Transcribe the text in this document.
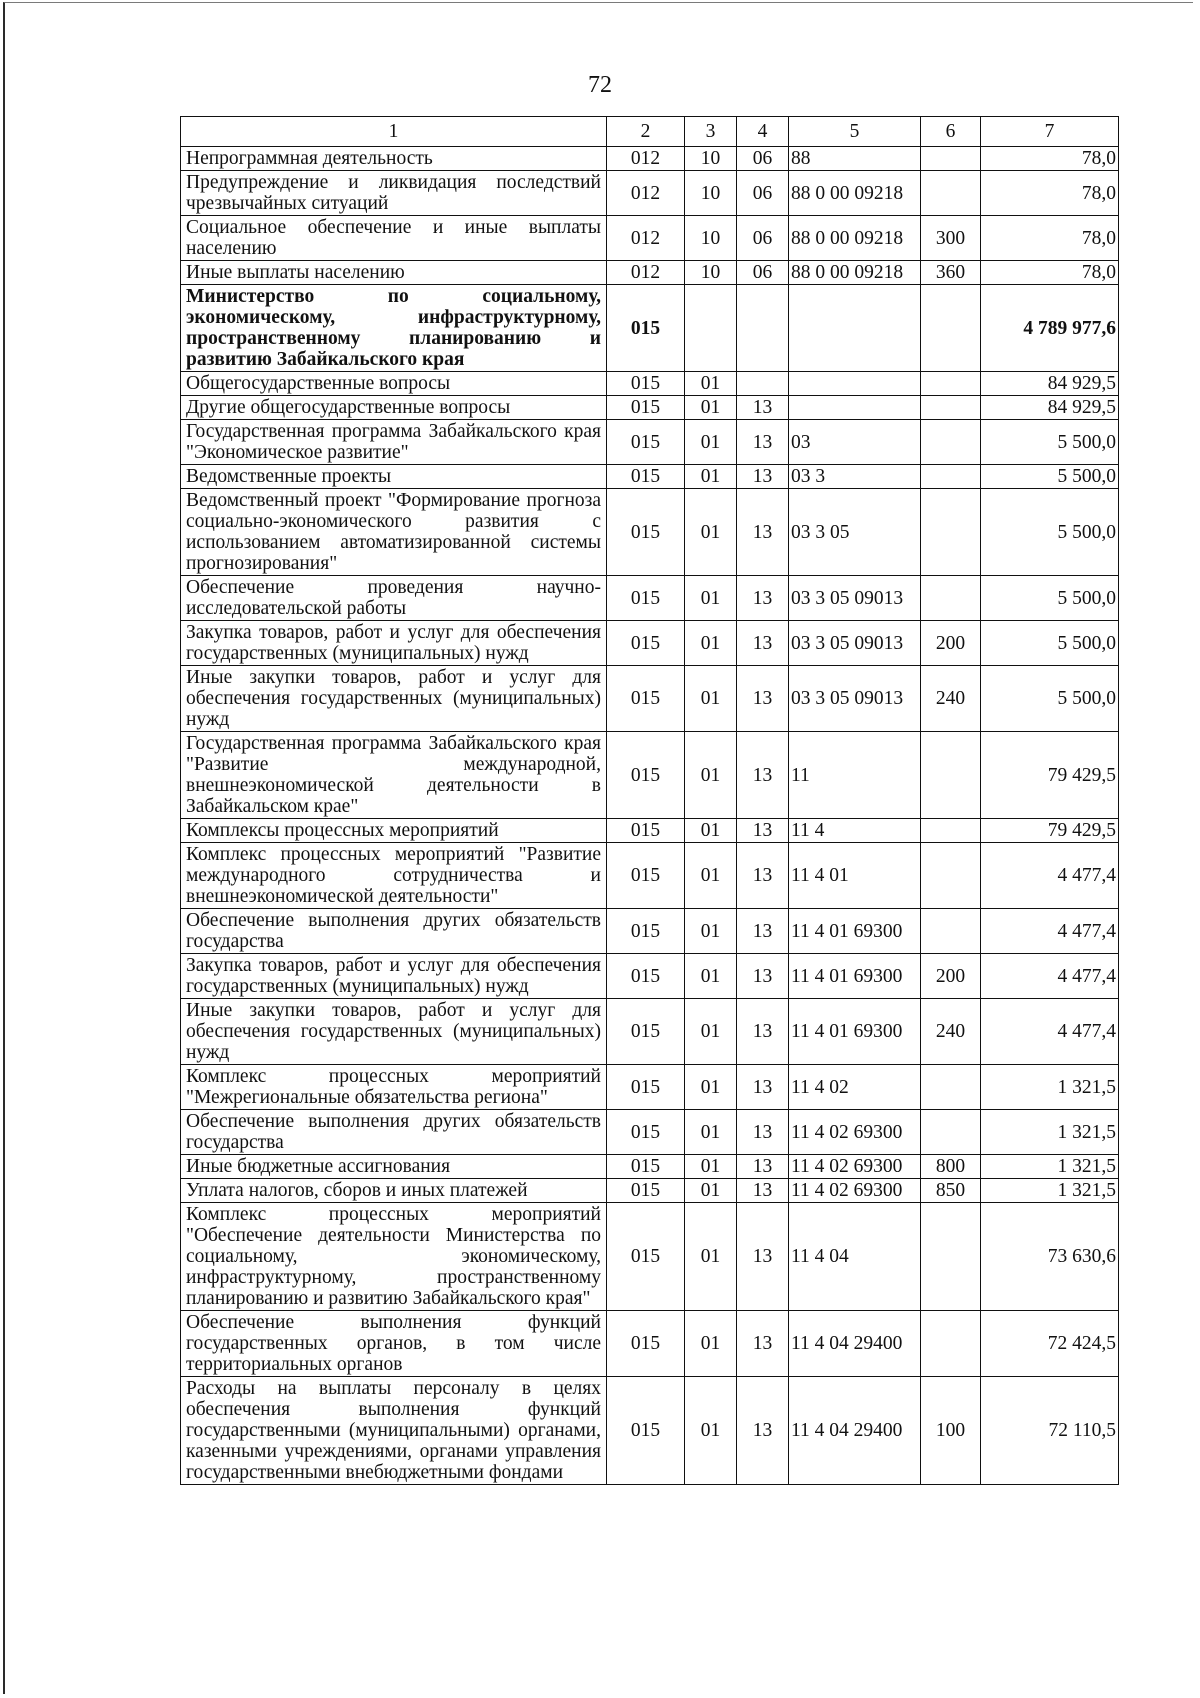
72
1	2	3	4	5	6	7
Непрограммная деятельность	012	10	06	88		78,0
Предупреждение и ликвидация последствий чрезвычайных ситуаций	012	10	06	88 0 00 09218		78,0
Социальное обеспечение и иные выплаты населению	012	10	06	88 0 00 09218	300	78,0
Иные выплаты населению	012	10	06	88 0 00 09218	360	78,0
Министерство по социальному, экономическому, инфраструктурному, пространственному планированию и развитию Забайкальского края	015					4 789 977,6
Общегосударственные вопросы	015	01				84 929,5
Другие общегосударственные вопросы	015	01	13			84 929,5
Государственная программа Забайкальского края "Экономическое развитие"	015	01	13	03		5 500,0
Ведомственные проекты	015	01	13	03 3		5 500,0
Ведомственный проект "Формирование прогноза социально-экономического развития с использованием автоматизированной системы прогнозирования"	015	01	13	03 3 05		5 500,0
Обеспечение проведения научно-исследовательской работы	015	01	13	03 3 05 09013		5 500,0
Закупка товаров, работ и услуг для обеспечения государственных (муниципальных) нужд	015	01	13	03 3 05 09013	200	5 500,0
Иные закупки товаров, работ и услуг для обеспечения государственных (муниципальных) нужд	015	01	13	03 3 05 09013	240	5 500,0
Государственная программа Забайкальского края "Развитие международной, внешнеэкономической деятельности в Забайкальском крае"	015	01	13	11		79 429,5
Комплексы процессных мероприятий	015	01	13	11 4		79 429,5
Комплекс процессных мероприятий "Развитие международного сотрудничества и внешнеэкономической деятельности"	015	01	13	11 4 01		4 477,4
Обеспечение выполнения других обязательств государства	015	01	13	11 4 01 69300		4 477,4
Закупка товаров, работ и услуг для обеспечения государственных (муниципальных) нужд	015	01	13	11 4 01 69300	200	4 477,4
Иные закупки товаров, работ и услуг для обеспечения государственных (муниципальных) нужд	015	01	13	11 4 01 69300	240	4 477,4
Комплекс процессных мероприятий "Межрегиональные обязательства региона"	015	01	13	11 4 02		1 321,5
Обеспечение выполнения других обязательств государства	015	01	13	11 4 02 69300		1 321,5
Иные бюджетные ассигнования	015	01	13	11 4 02 69300	800	1 321,5
Уплата налогов, сборов и иных платежей	015	01	13	11 4 02 69300	850	1 321,5
Комплекс процессных мероприятий "Обеспечение деятельности Министерства по социальному, экономическому, инфраструктурному, пространственному планированию и развитию Забайкальского края"	015	01	13	11 4 04		73 630,6
Обеспечение выполнения функций государственных органов, в том числе территориальных органов	015	01	13	11 4 04 29400		72 424,5
Расходы на выплаты персоналу в целях обеспечения выполнения функций государственными (муниципальными) органами, казенными учреждениями, органами управления государственными внебюджетными фондами	015	01	13	11 4 04 29400	100	72 110,5
